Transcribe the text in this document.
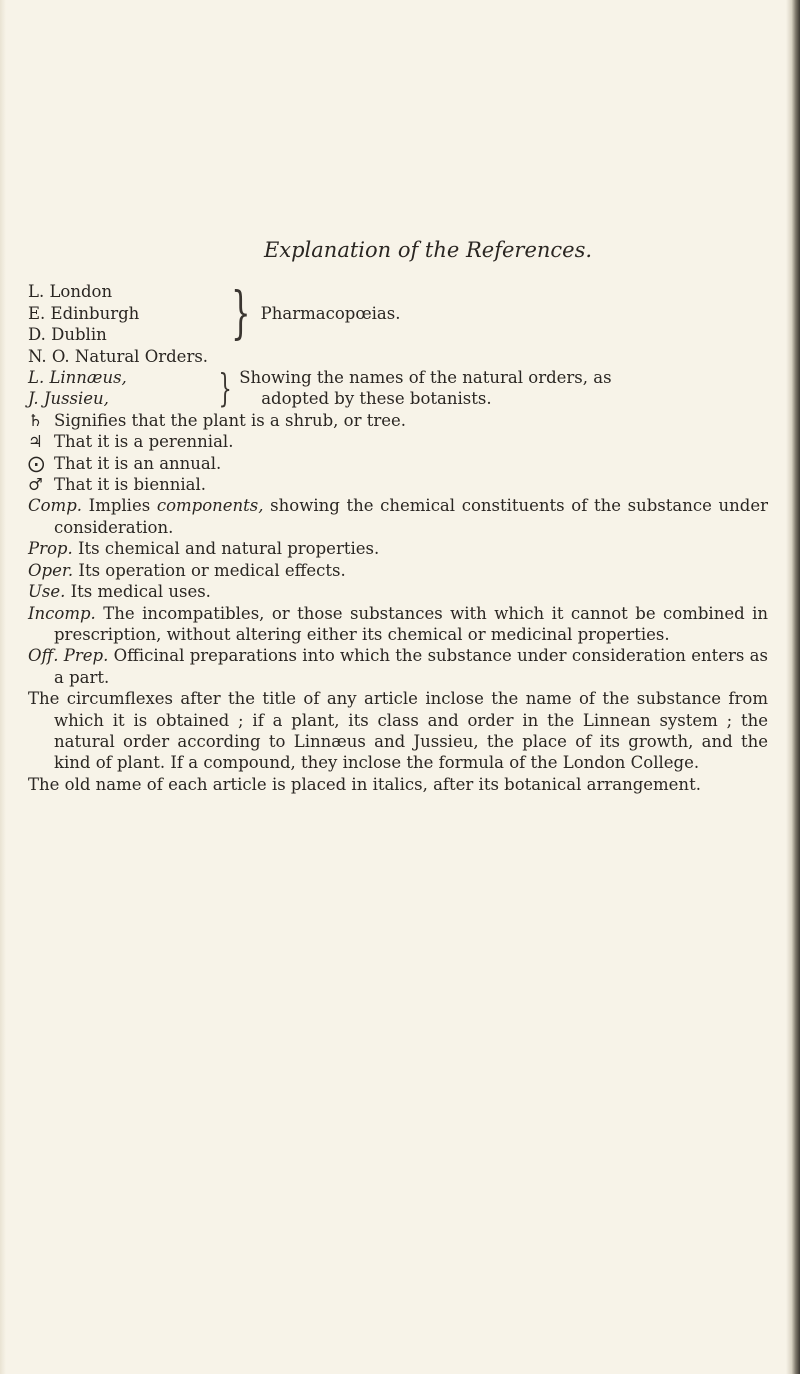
Explanation of the References.
L. London
E. Edinburgh
D. Dublin	} Pharmacopœias.
N. O. Natural Orders.
L. Linnæus,
J. Jussieu,	} Showing the names of the natural orders, as
adopted by these botanists.
♄ Signifies that the plant is a shrub, or tree.
♃ That it is a perennial.
⨀ That it is an annual.
♂ That it is biennial.
Comp. Implies components, showing the chemical constituents of the substance under consideration.
Prop. Its chemical and natural properties.
Oper. Its operation or medical effects.
Use. Its medical uses.
Incomp. The incompatibles, or those substances with which it cannot be combined in prescription, without altering either its chemical or medicinal properties.
Off. Prep. Officinal preparations into which the substance under consideration enters as a part.
The circumflexes after the title of any article inclose the name of the substance from which it is obtained ; if a plant, its class and order in the Linnean system ; the natural order according to Linnæus and Jussieu, the place of its growth, and the kind of plant. If a compound, they inclose the formula of the London College.
The old name of each article is placed in italics, after its botanical arrangement.
